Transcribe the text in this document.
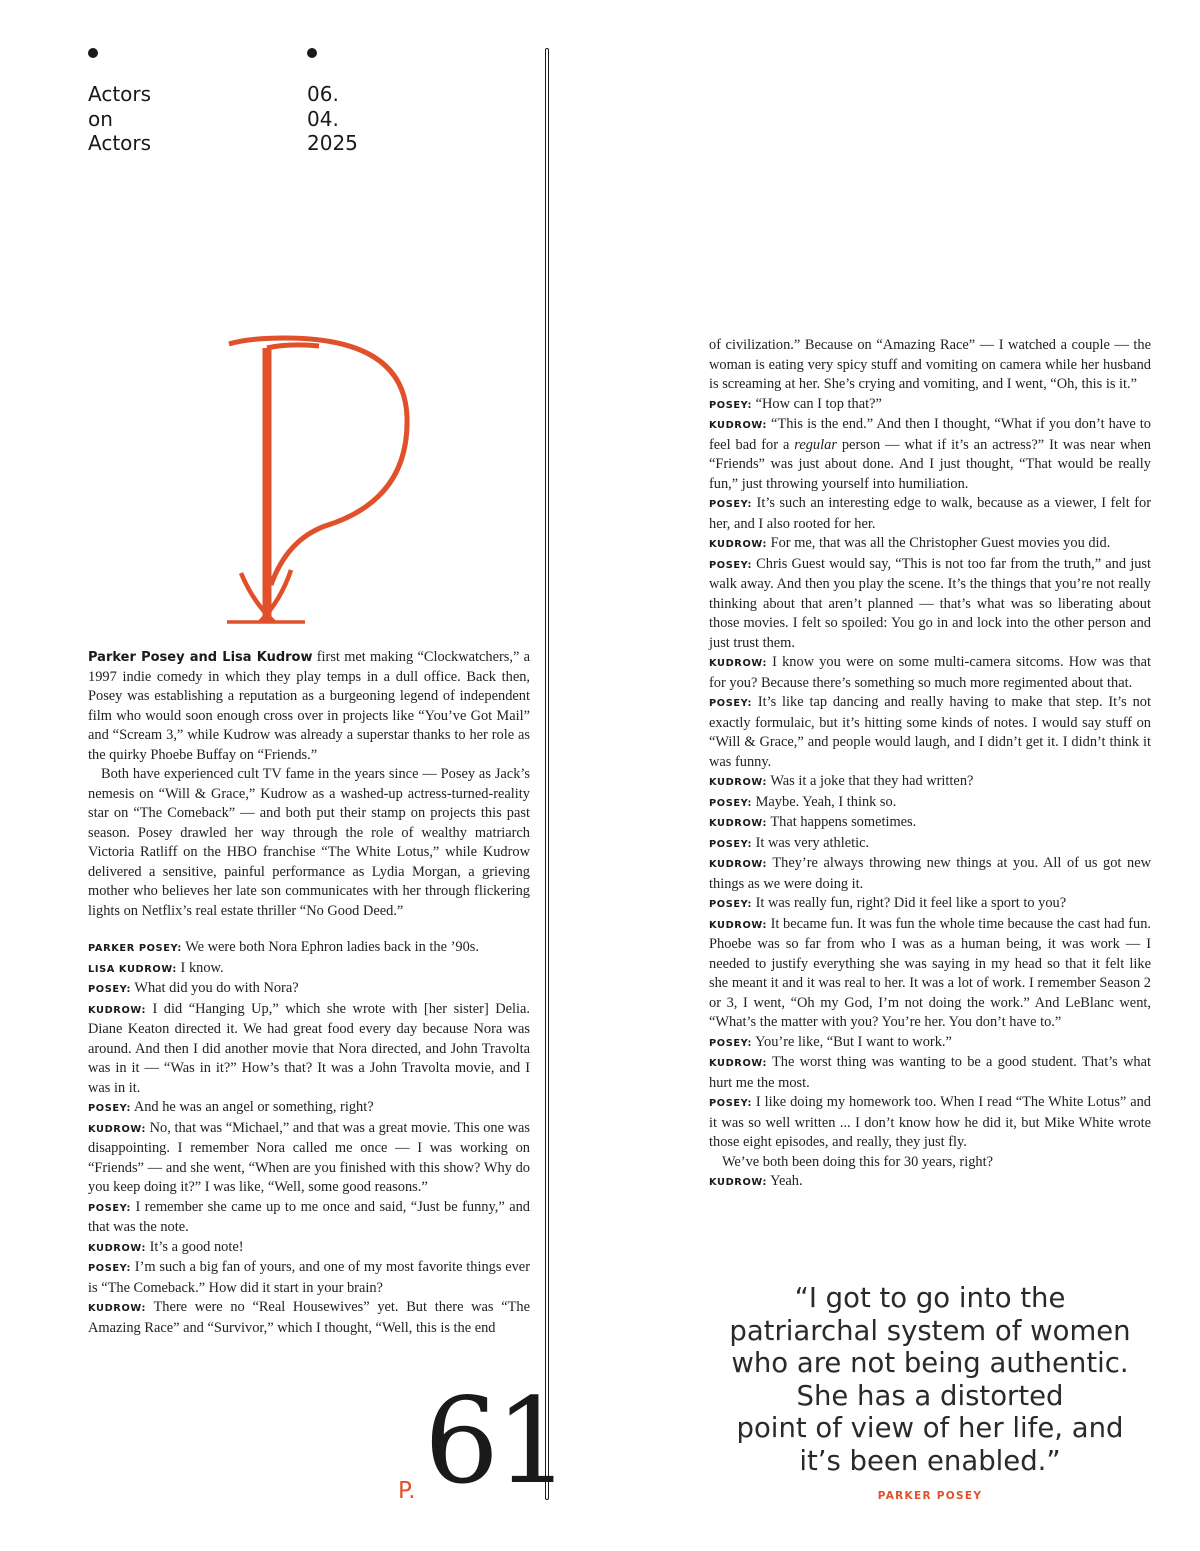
Actors
on
Actors
06.
04.
2025

Parker Posey and Lisa Kudrow first met making “Clockwatchers,” a 1997 indie comedy in which they play temps in a dull office. Back then, Posey was establishing a reputation as a burgeoning legend of independent film who would soon enough cross over in projects like “You’ve Got Mail” and “Scream 3,” while Kudrow was already a superstar thanks to her role as the quirky Phoebe Buffay on “Friends.”

Both have experienced cult TV fame in the years since — Posey as Jack’s nemesis on “Will & Grace,” Kudrow as a washed-up actress-turned-reality star on “The Comeback” — and both put their stamp on projects this past season. Posey drawled her way through the role of wealthy matriarch Victoria Ratliff on the HBO franchise “The White Lotus,” while Kudrow delivered a sensitive, painful performance as Lydia Morgan, a grieving mother who believes her late son communicates with her through flickering lights on Netflix’s real estate thriller “No Good Deed.”

PARKER POSEY: We were both Nora Ephron ladies back in the ’90s.

LISA KUDROW: I know.

POSEY: What did you do with Nora?

KUDROW: I did “Hanging Up,” which she wrote with [her sister] Delia. Diane Keaton directed it. We had great food every day because Nora was around. And then I did another movie that Nora directed, and John Travolta was in it — “Was in it?” How’s that? It was a John Travolta movie, and I was in it.

POSEY: And he was an angel or something, right?

KUDROW: No, that was “Michael,” and that was a great movie. This one was disappointing. I remember Nora called me once — I was working on “Friends” — and she went, “When are you finished with this show? Why do you keep doing it?” I was like, “Well, some good reasons.”

POSEY: I remember she came up to me once and said, “Just be funny,” and that was the note.

KUDROW: It’s a good note!

POSEY: I’m such a big fan of yours, and one of my most favorite things ever is “The Comeback.” How did it start in your brain?

KUDROW: There were no “Real Housewives” yet. But there was “The Amazing Race” and “Survivor,” which I thought, “Well, this is the end

of civilization.” Because on “Amazing Race” — I watched a couple — the woman is eating very spicy stuff and vomiting on camera while her husband is screaming at her. She’s crying and vomiting, and I went, “Oh, this is it.”

POSEY: “How can I top that?”

KUDROW: “This is the end.” And then I thought, “What if you don’t have to feel bad for a regular person — what if it’s an actress?” It was near when “Friends” was just about done. And I just thought, “That would be really fun,” just throwing yourself into humiliation.

POSEY: It’s such an interesting edge to walk, because as a viewer, I felt for her, and I also rooted for her.

KUDROW: For me, that was all the Christopher Guest movies you did.

POSEY: Chris Guest would say, “This is not too far from the truth,” and just walk away. And then you play the scene. It’s the things that you’re not really thinking about that aren’t planned — that’s what was so liberating about those movies. I felt so spoiled: You go in and lock into the other person and just trust them.

KUDROW: I know you were on some multi-camera sitcoms. How was that for you? Because there’s something so much more regimented about that.

POSEY: It’s like tap dancing and really having to make that step. It’s not exactly formulaic, but it’s hitting some kinds of notes. I would say stuff on “Will & Grace,” and people would laugh, and I didn’t get it. I didn’t think it was funny.

KUDROW: Was it a joke that they had written?

POSEY: Maybe. Yeah, I think so.

KUDROW: That happens sometimes.

POSEY: It was very athletic.

KUDROW: They’re always throwing new things at you. All of us got new things as we were doing it.

POSEY: It was really fun, right? Did it feel like a sport to you?

KUDROW: It became fun. It was fun the whole time because the cast had fun. Phoebe was so far from who I was as a human being, it was work — I needed to justify everything she was saying in my head so that it felt like she meant it and it was real to her. It was a lot of work. I remember Season 2 or 3, I went, “Oh my God, I’m not doing the work.” And LeBlanc went, “What’s the matter with you? You’re her. You don’t have to.”

POSEY: You’re like, “But I want to work.”

KUDROW: The worst thing was wanting to be a good student. That’s what hurt me the most.

POSEY: I like doing my homework too. When I read “The White Lotus” and it was so well written ... I don’t know how he did it, but Mike White wrote those eight episodes, and really, they just fly.

We’ve both been doing this for 30 years, right?

KUDROW: Yeah.

“I got to go into the
patriarchal system of women
who are not being authentic.
She has a distorted
point of view of her life, and
it’s been enabled.”
PARKER POSEY
P. 61
